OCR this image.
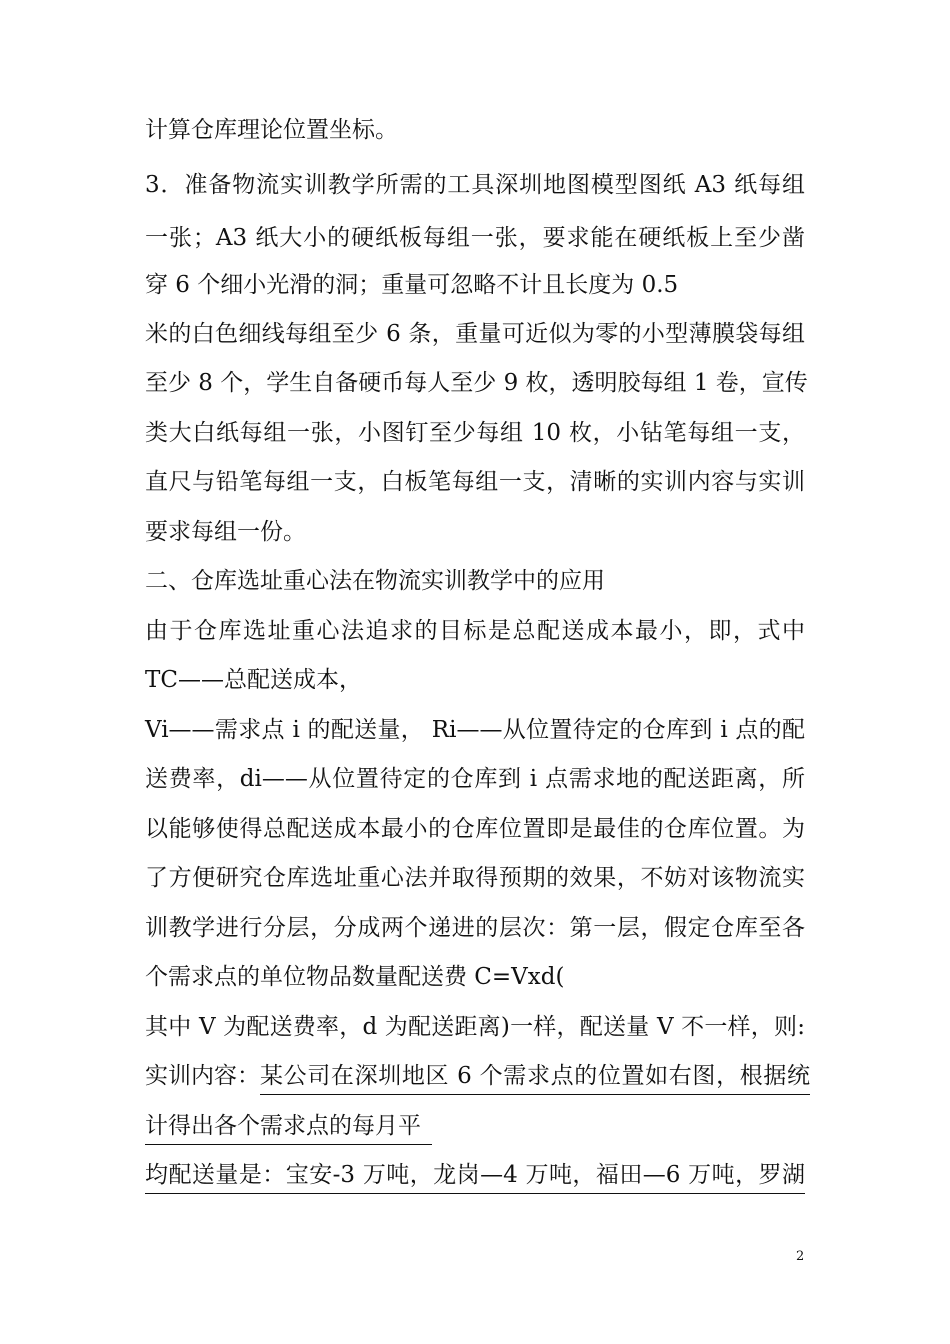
计算仓库理论位置坐标。
3．准备物流实训教学所需的工具深圳地图模型图纸 A3 纸每组
一张；A3 纸大小的硬纸板每组一张，要求能在硬纸板上至少凿
穿 6 个细小光滑的洞；重量可忽略不计且长度为 0.5
米的白色细线每组至少 6 条，重量可近似为零的小型薄膜袋每组
至少 8 个，学生自备硬币每人至少 9 枚，透明胶每组 1 卷，宣传
类大白纸每组一张，小图钉至少每组 10 枚，小钻笔每组一支，
直尺与铅笔每组一支，白板笔每组一支，清晰的实训内容与实训
要求每组一份。
二、仓库选址重心法在物流实训教学中的应用
由于仓库选址重心法追求的目标是总配送成本最小，即，式中
TC——总配送成本，
Vi——需求点 i 的配送量， Ri——从位置待定的仓库到 i 点的配
送费率，di——从位置待定的仓库到 i 点需求地的配送距离，所
以能够使得总配送成本最小的仓库位置即是最佳的仓库位置。为
了方便研究仓库选址重心法并取得预期的效果，不妨对该物流实
训教学进行分层，分成两个递进的层次：第一层，假定仓库至各
个需求点的单位物品数量配送费 C=Vxd(
其中 V 为配送费率，d 为配送距离)一样，配送量 V 不一样，则:
实训内容：某公司在深圳地区 6 个需求点的位置如右图，根据统
计得出各个需求点的每月平
均配送量是：宝安-3 万吨，龙岗—4 万吨，福田—6 万吨，罗湖
2
